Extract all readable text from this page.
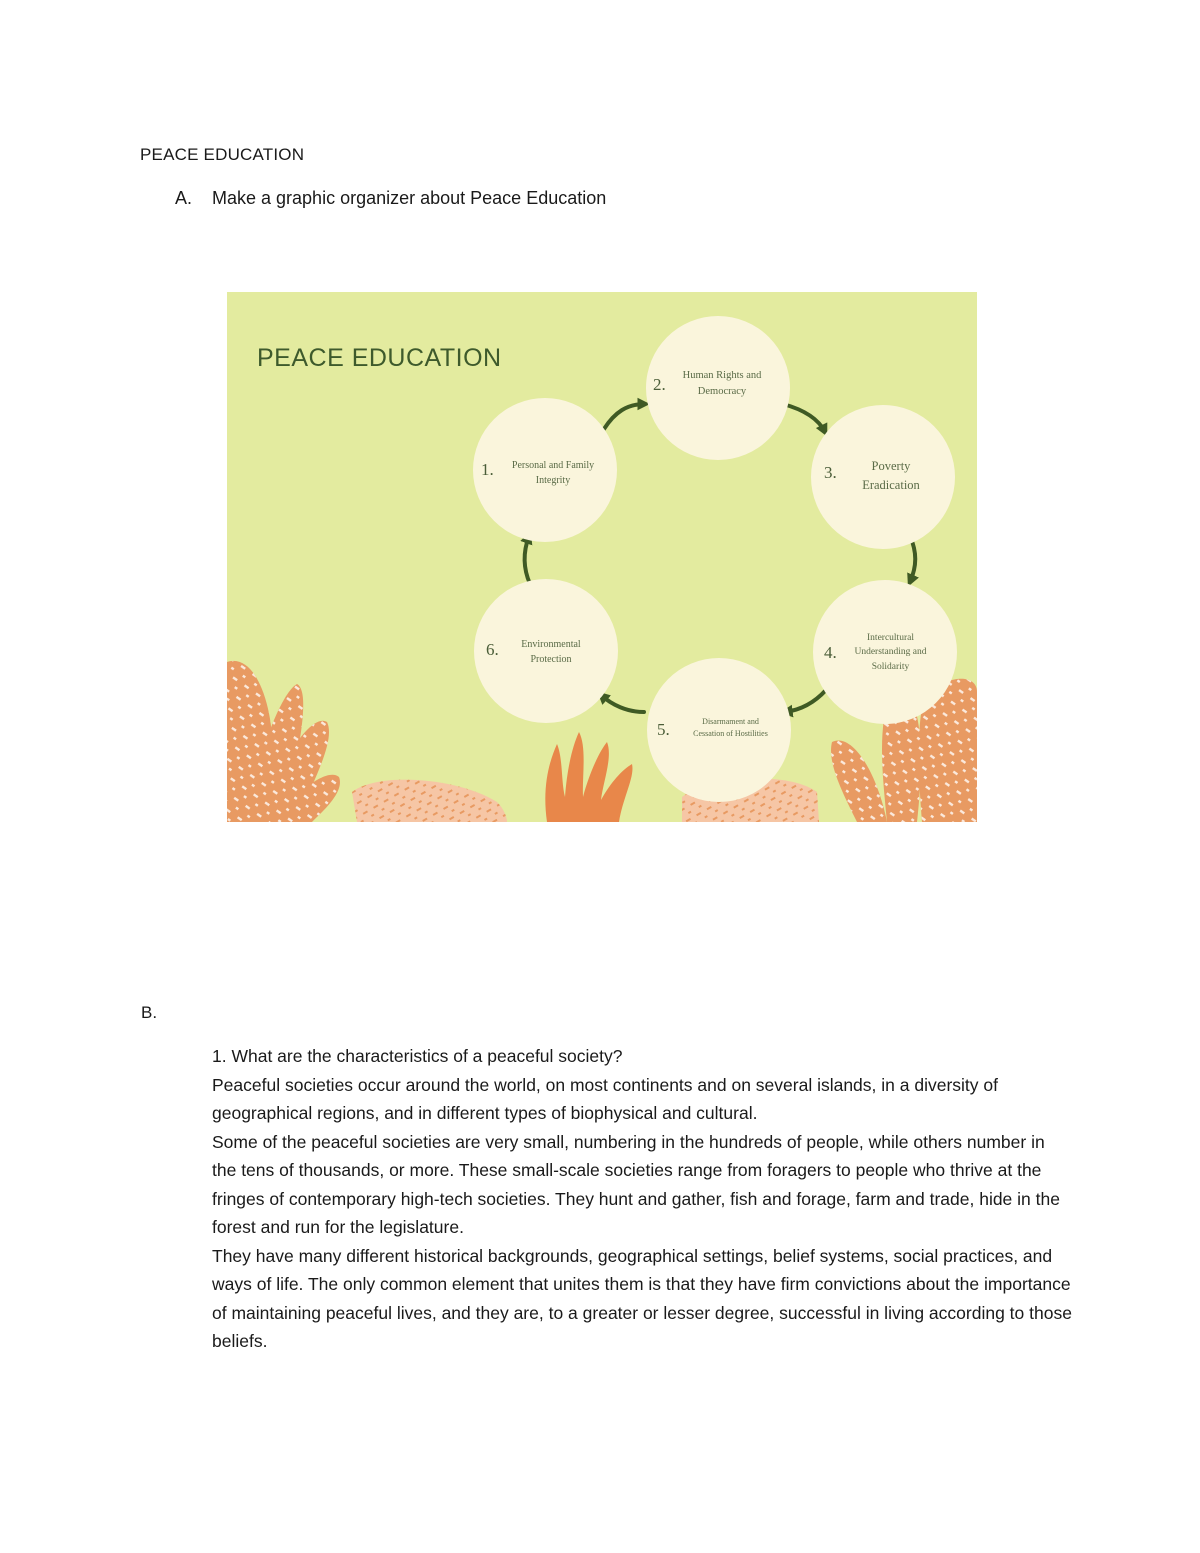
PEACE EDUCATION
A. Make a graphic organizer about Peace Education
PEACE EDUCATION
1.	Personal and Family
Integrity
2.	Human Rights and
Democracy
3.	Poverty
Eradication
4.
Intercultural
Understanding and
Solidarity
5.	Disarmament and
Cessation of Hostilities
6.	Environmental
Protection
B.

1. What are the characteristics of a peaceful society?

Peaceful societies occur around the world, on most continents and on several islands, in a diversity of geographical regions, and in different types of biophysical and cultural.

Some of the peaceful societies are very small, numbering in the hundreds of people, while others number in the tens of thousands, or more. These small-scale societies range from foragers to people who thrive at the fringes of contemporary high-tech societies. They hunt and gather, fish and forage, farm and trade, hide in the forest and run for the legislature.

They have many different historical backgrounds, geographical settings, belief systems, social practices, and ways of life. The only common element that unites them is that they have firm convictions about the importance of maintaining peaceful lives, and they are, to a greater or lesser degree, successful in living according to those beliefs.
